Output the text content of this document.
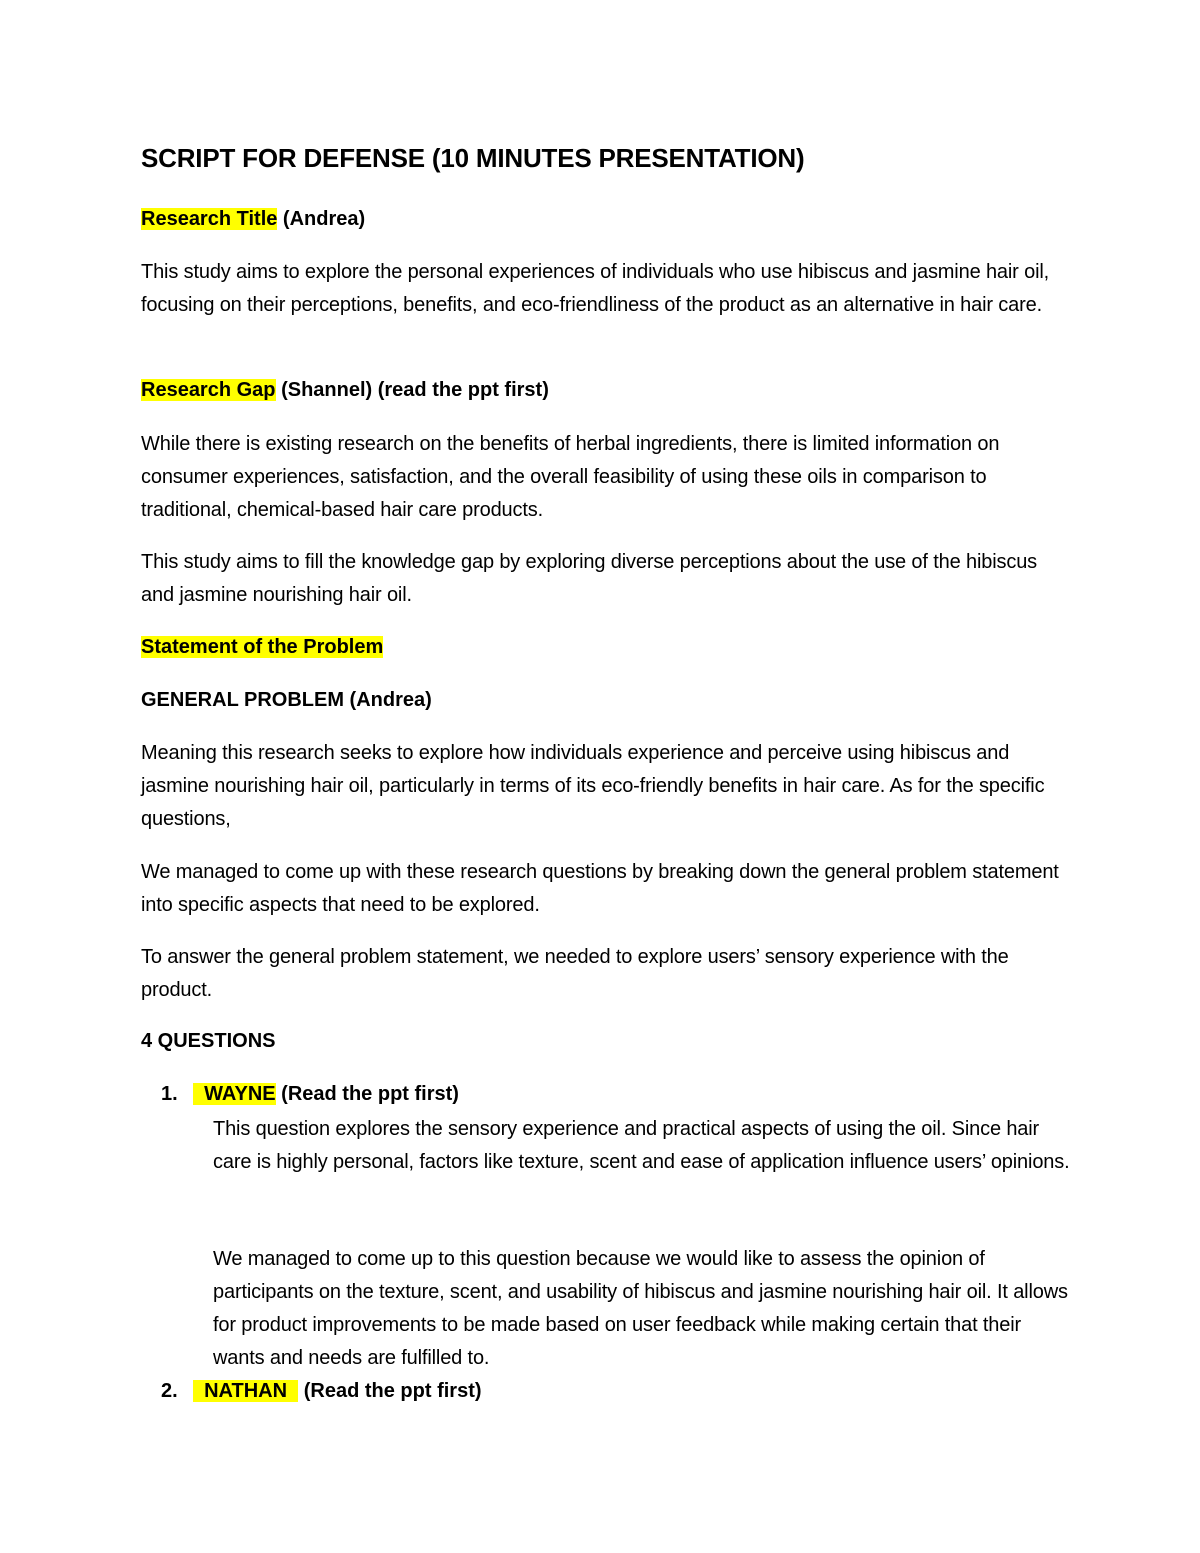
SCRIPT FOR DEFENSE (10 MINUTES PRESENTATION)
Research Title (Andrea)
This study aims to explore the personal experiences of individuals who use hibiscus and jasmine hair oil, focusing on their perceptions, benefits, and eco-friendliness of the product as an alternative in hair care.
Research Gap (Shannel) (read the ppt first)
While there is existing research on the benefits of herbal ingredients, there is limited information on consumer experiences, satisfaction, and the overall feasibility of using these oils in comparison to traditional, chemical-based hair care products.
This study aims to fill the knowledge gap by exploring diverse perceptions about the use of the hibiscus and jasmine nourishing hair oil.
Statement of the Problem
GENERAL PROBLEM (Andrea)
Meaning this research seeks to explore how individuals experience and perceive using hibiscus and jasmine nourishing hair oil, particularly in terms of its eco-friendly benefits in hair care. As for the specific questions,
We managed to come up with these research questions by breaking down the general problem statement into specific aspects that need to be explored.
To answer the general problem statement, we needed to explore users’ sensory experience with the product.
4 QUESTIONS
1.  WAYNE (Read the ppt first)
This question explores the sensory experience and practical aspects of using the oil. Since hair care is highly personal, factors like texture, scent and ease of application influence users’ opinions.
We managed to come up to this question because we would like to assess the opinion of participants on the texture, scent, and usability of hibiscus and jasmine nourishing hair oil. It allows for product improvements to be made based on user feedback while making certain that their wants and needs are fulfilled to.
2.  NATHAN   (Read the ppt first)
